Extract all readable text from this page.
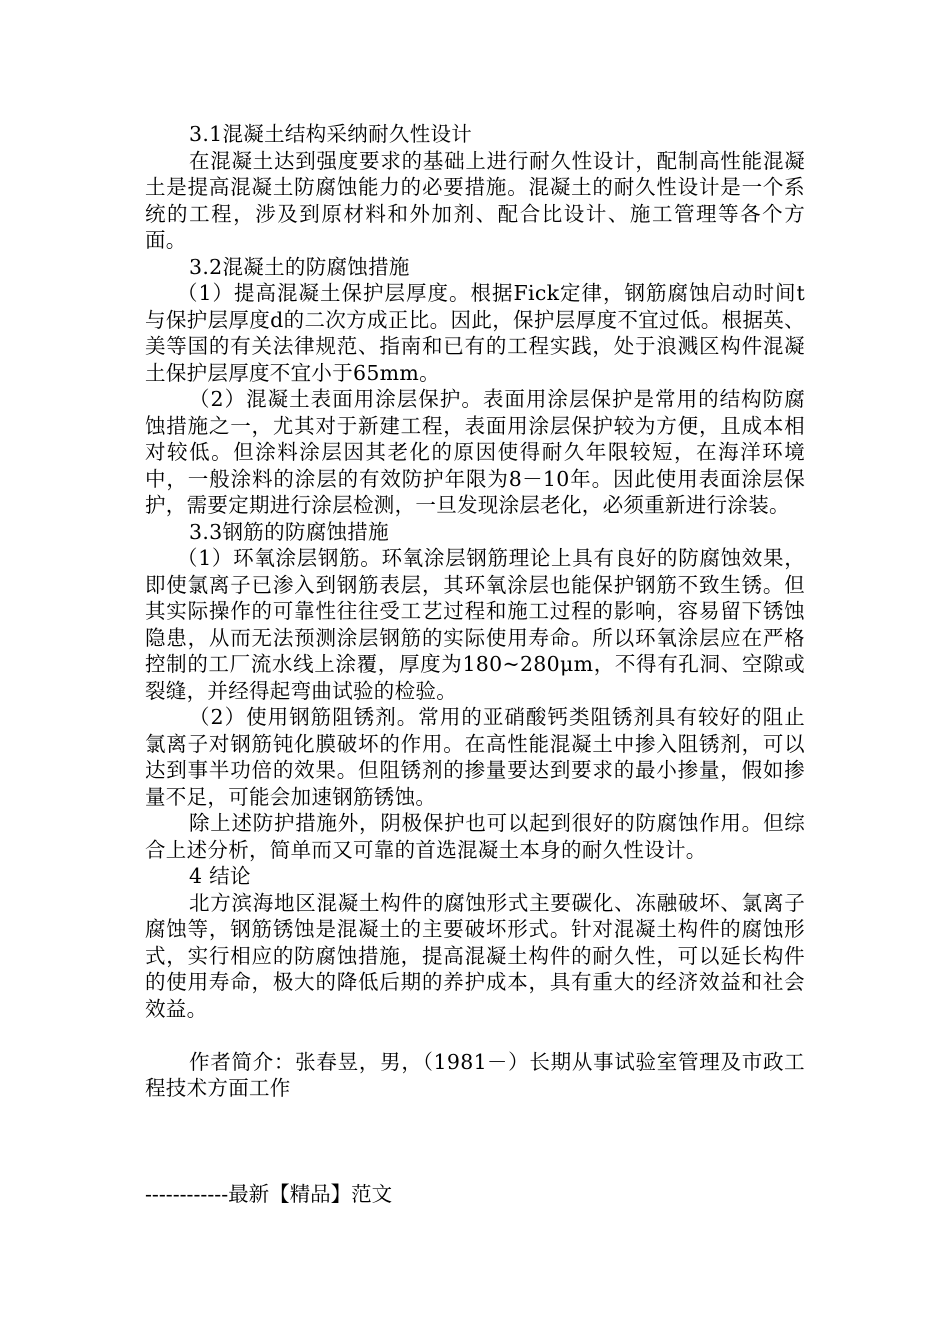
3.1混凝土结构采纳耐久性设计

在混凝土达到强度要求的基础上进行耐久性设计，配制高性能混凝土是提高混凝土防腐蚀能力的必要措施。混凝土的耐久性设计是一个系统的工程，涉及到原材料和外加剂、配合比设计、施工管理等各个方面。

3.2混凝土的防腐蚀措施

（1）提高混凝土保护层厚度。根据Fick定律，钢筋腐蚀启动时间t与保护层厚度d的二次方成正比。因此，保护层厚度不宜过低。根据英、美等国的有关法律规范、指南和已有的工程实践，处于浪溅区构件混凝土保护层厚度不宜小于65mm。

（2）混凝土表面用涂层保护。表面用涂层保护是常用的结构防腐蚀措施之一，尤其对于新建工程，表面用涂层保护较为方便，且成本相对较低。但涂料涂层因其老化的原因使得耐久年限较短，在海洋环境中，一般涂料的涂层的有效防护年限为8－10年。因此使用表面涂层保护，需要定期进行涂层检测，一旦发现涂层老化，必须重新进行涂装。

3.3钢筋的防腐蚀措施

（1）环氧涂层钢筋。环氧涂层钢筋理论上具有良好的防腐蚀效果，即使氯离子已渗入到钢筋表层，其环氧涂层也能保护钢筋不致生锈。但其实际操作的可靠性往往受工艺过程和施工过程的影响，容易留下锈蚀隐患，从而无法预测涂层钢筋的实际使用寿命。所以环氧涂层应在严格控制的工厂流水线上涂覆，厚度为180~280μm，不得有孔洞、空隙或裂缝，并经得起弯曲试验的检验。

（2）使用钢筋阻锈剂。常用的亚硝酸钙类阻锈剂具有较好的阻止氯离子对钢筋钝化膜破坏的作用。在高性能混凝土中掺入阻锈剂，可以达到事半功倍的效果。但阻锈剂的掺量要达到要求的最小掺量，假如掺量不足，可能会加速钢筋锈蚀。

除上述防护措施外，阴极保护也可以起到很好的防腐蚀作用。但综合上述分析，简单而又可靠的首选混凝土本身的耐久性设计。

4 结论

北方滨海地区混凝土构件的腐蚀形式主要碳化、冻融破坏、氯离子腐蚀等，钢筋锈蚀是混凝土的主要破坏形式。针对混凝土构件的腐蚀形式，实行相应的防腐蚀措施，提高混凝土构件的耐久性，可以延长构件的使用寿命，极大的降低后期的养护成本，具有重大的经济效益和社会效益。

作者简介：张春昱，男，（1981－）长期从事试验室管理及市政工程技术方面工作

------------最新【精品】范文
